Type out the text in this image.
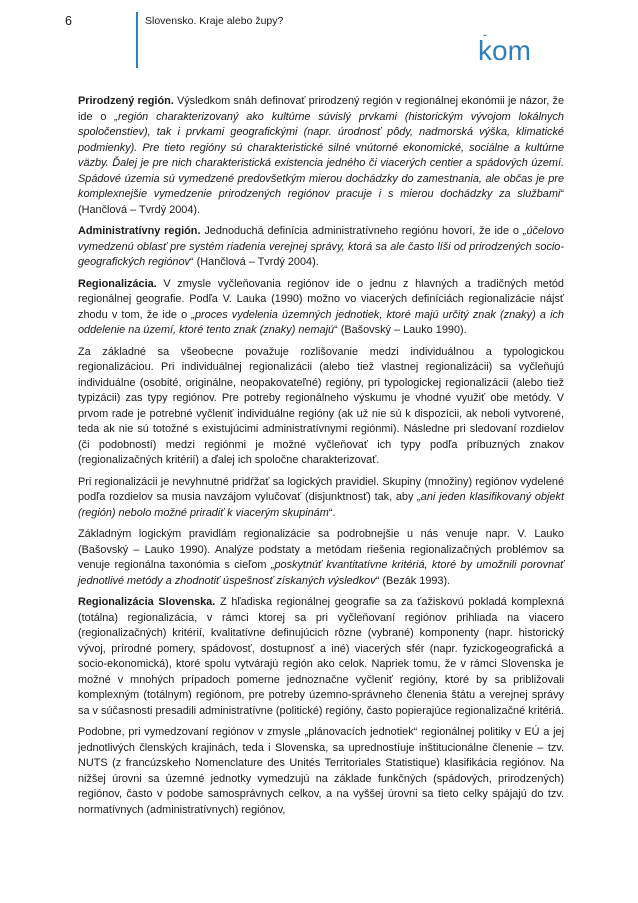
6	Slovensko. Kraje alebo župy?
kom

Prirodzený región. Výsledkom snáh definovať prirodzený región v regionálnej ekonómii je názor, že ide o „región charakterizovaný ako kultúrne súvislý prvkami (historickým vývojom lokálnych spoločenstiev), tak i prvkami geografickými (napr. úrodnosť pôdy, nadmorská výška, klimatické podmienky). Pre tieto regióny sú charakteristické silné vnútorné ekonomické, sociálne a kultúrne väzby. Ďalej je pre nich charakteristická existencia jedného či viacerých centier a spádových území. Spádové územia sú vymedzené predovšetkým mierou dochádzky do zamestnania, ale občas je pre komplexnejšie vymedzenie prirodzených regiónov pracuje i s mierou dochádzky za službami“ (Hančlová – Tvrdý 2004).

Administratívny región. Jednoduchá definícia administratívneho regiónu hovorí, že ide o „účelovo vymedzenú oblasť pre systém riadenia verejnej správy, ktorá sa ale často líši od prirodzených socio-geografických regiónov“ (Hančlová – Tvrdý 2004).

Regionalizácia. V zmysle vyčleňovania regiónov ide o jednu z hlavných a tradičných metód regionálnej geografie. Podľa V. Lauka (1990) možno vo viacerých definíciách regionalizácie nájsť zhodu v tom, že ide o „proces vydelenia územných jednotiek, ktoré majú určitý znak (znaky) a ich oddelenie na území, ktoré tento znak (znaky) nemajú“ (Bašovský – Lauko 1990).

Za základné sa všeobecne považuje rozlišovanie medzi individuálnou a typologickou regionalizáciou. Pri individuálnej regionalizácii (alebo tiež vlastnej regionalizácii) sa vyčleňujú individuálne (osobité, originálne, neopakovateľné) regióny, pri typologickej regionalizácii (alebo tiež typizácii) zas typy regiónov. Pre potreby regionálneho výskumu je vhodné využiť obe metódy. V prvom rade je potrebné vyčleniť individuálne regióny (ak už nie sú k dispozícii, ak neboli vytvorené, teda ak nie sú totožné s existujúcimi administratívnymi regiónmi). Následne pri sledovaní rozdielov (či podobností) medzi regiónmi je možné vyčleňovať ich typy podľa príbuzných znakov (regionalizačných kritérií) a ďalej ich spoločne charakterizovať.

Pri regionalizácii je nevyhnutné pridŕžať sa logických pravidiel. Skupiny (množiny) regiónov vydelené podľa rozdielov sa musia navzájom vylučovať (disjunktnosť) tak, aby „ani jeden klasifikovaný objekt (región) nebolo možné priradiť k viacerým skupinám“.

Základným logickým pravidlám regionalizácie sa podrobnejšie u nás venuje napr. V. Lauko (Bašovský – Lauko 1990). Analýze podstaty a metódam riešenia regionalizačných problémov sa venuje regionálna taxonómia s cieľom „poskytnúť kvantitatívne kritériá, ktoré by umožnili porovnať jednotlivé metódy a zhodnotiť úspešnosť získaných výsledkov“ (Bezák 1993).

Regionalizácia Slovenska. Z hľadiska regionálnej geografie sa za ťažiskovú pokladá komplexná (totálna) regionalizácia, v rámci ktorej sa pri vyčleňovaní regiónov prihliada na viacero (regionalizačných) kritérií, kvalitatívne definujúcich rôzne (vybrané) komponenty (napr. historický vývoj, prírodné pomery, spádovosť, dostupnosť a iné) viacerých sfér (napr. fyzickogeografická a socio-ekonomická), ktoré spolu vytvárajú región ako celok. Napriek tomu, že v rámci Slovenska je možné v mnohých prípadoch pomerne jednoznačne vyčleniť regióny, ktoré by sa približovali komplexným (totálnym) regiónom, pre potreby územno-správneho členenia štátu a verejnej správy sa v súčasnosti presadili administratívne (politické) regióny, často popierajúce regionalizačné kritériá.

Podobne, pri vymedzovaní regiónov v zmysle „plánovacích jednotiek“ regionálnej politiky v EÚ a jej jednotlivých členských krajinách, teda i Slovenska, sa uprednostíuje inštitucionálne členenie – tzv. NUTS (z francúzskeho Nomenclature des Unités Territoriales Statistique) klasifikácia regiónov. Na nižšej úrovni sa územné jednotky vymedzujú na základe funkčných (spádových, prirodzených) regiónov, často v podobe samosprávnych celkov, a na vyššej úrovni sa tieto celky spájajú do tzv. normatívnych (administratívnych) regiónov,
